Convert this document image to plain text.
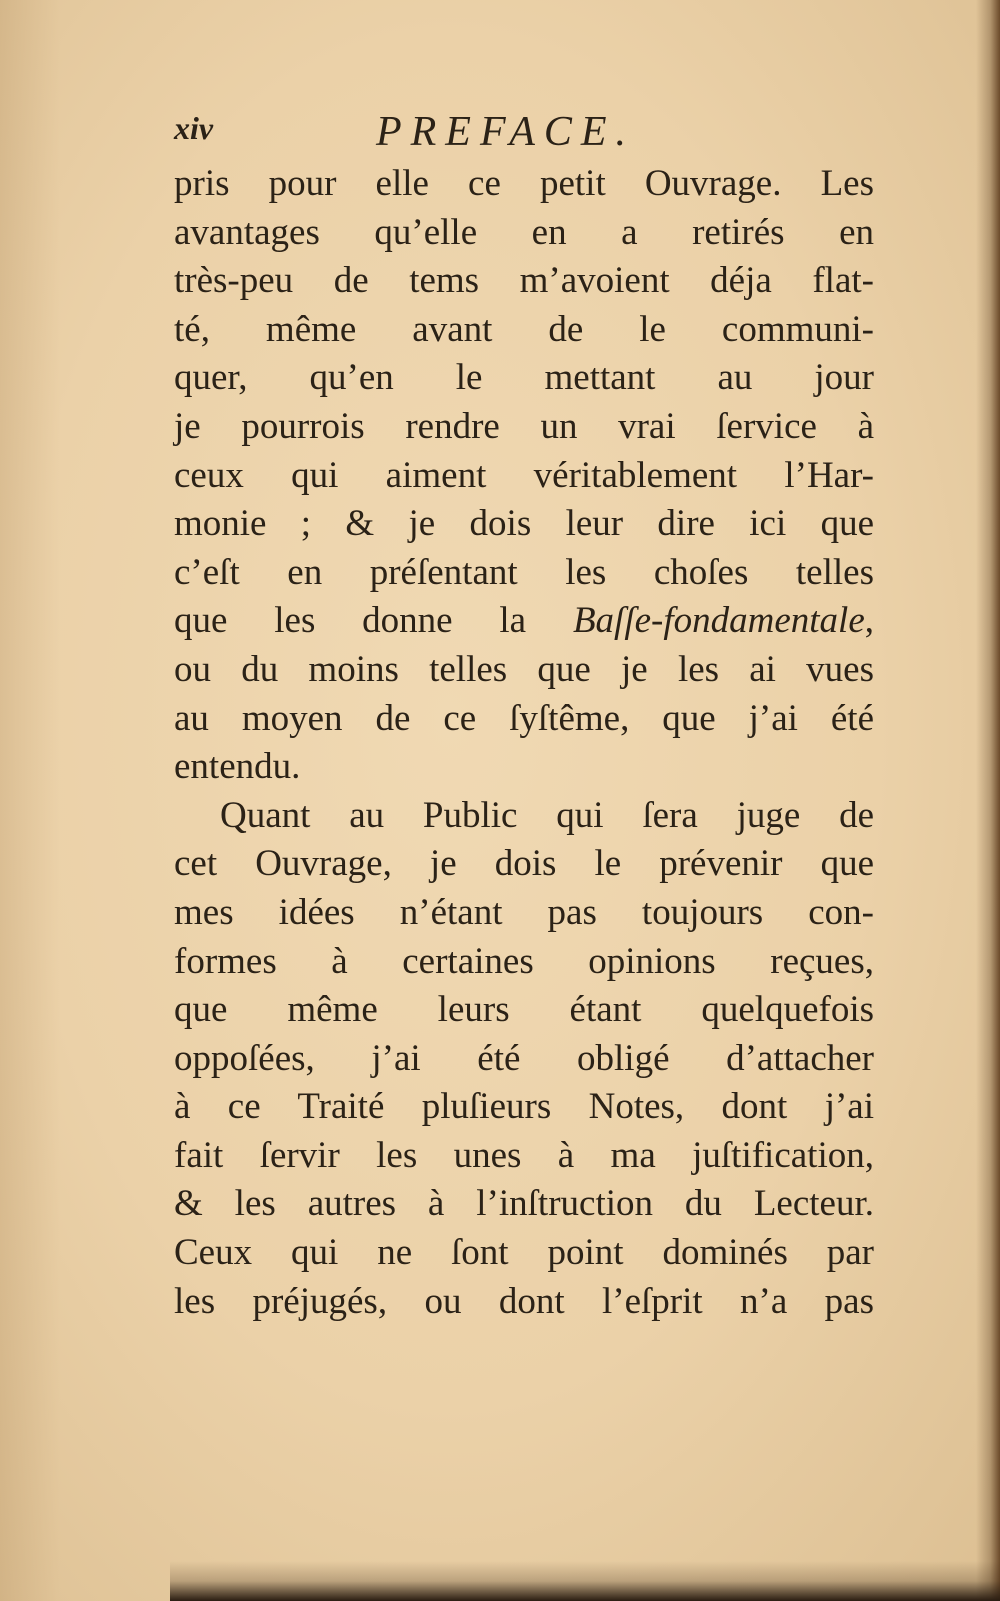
xiv	PREFACE.
pris pour elle ce petit Ouvrage. Les
avantages qu’elle en a retirés en
très-peu de tems m’avoient déja flat-
té, même avant de le communi-
quer, qu’en le mettant au jour
je pourrois rendre un vrai ſervice à
ceux qui aiment véritablement l’Har-
monie ; & je dois leur dire ici que
c’eſt en préſentant les choſes telles
que les donne la Baſſe-fondamentale,
ou du moins telles que je les ai vues
au moyen de ce ſyſtême, que j’ai été
entendu.
Quant au Public qui ſera juge de
cet Ouvrage, je dois le prévenir que
mes idées n’étant pas toujours con-
formes à certaines opinions reçues,
que même leurs étant quelquefois
oppoſées, j’ai été obligé d’attacher
à ce Traité pluſieurs Notes, dont j’ai
fait ſervir les unes à ma juſtification,
& les autres à l’inſtruction du Lecteur.
Ceux qui ne ſont point dominés par
les préjugés, ou dont l’eſprit n’a pas
